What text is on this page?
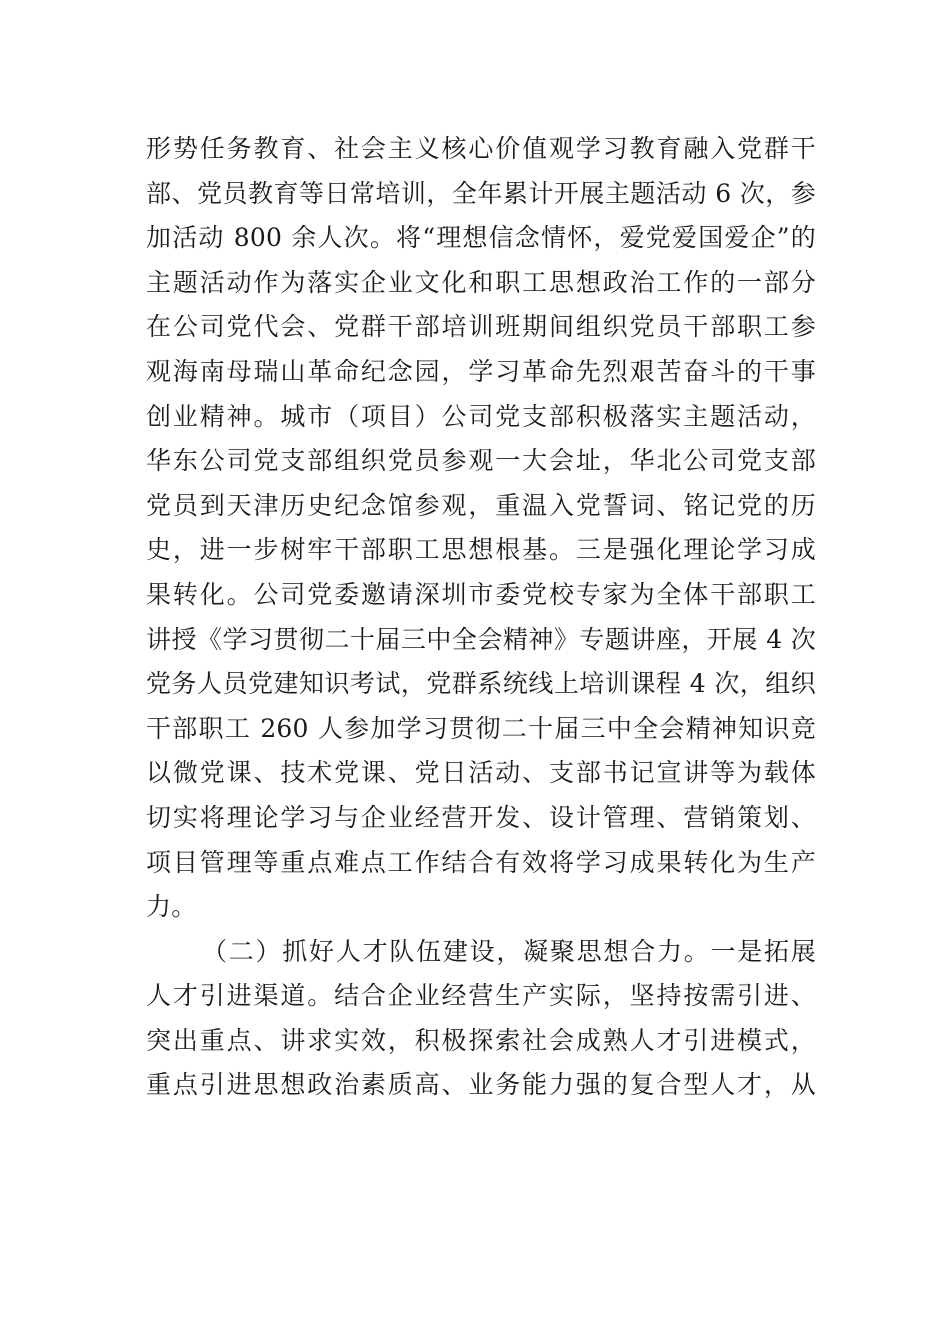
形势任务教育、社会主义核心价值观学习教育融入党群干
部、党员教育等日常培训，全年累计开展主题活动 6 次，参
加活动 800 余人次。将“理想信念情怀，爱党爱国爱企”的
主题活动作为落实企业文化和职工思想政治工作的一部分
在公司党代会、党群干部培训班期间组织党员干部职工参
观海南母瑞山革命纪念园，学习革命先烈艰苦奋斗的干事
创业精神。城市（项目）公司党支部积极落实主题活动，
华东公司党支部组织党员参观一大会址，华北公司党支部
党员到天津历史纪念馆参观，重温入党誓词、铭记党的历
史，进一步树牢干部职工思想根基。三是强化理论学习成
果转化。公司党委邀请深圳市委党校专家为全体干部职工
讲授《学习贯彻二十届三中全会精神》专题讲座，开展 4 次
党务人员党建知识考试，党群系统线上培训课程 4 次，组织
干部职工 260 人参加学习贯彻二十届三中全会精神知识竞
以微党课、技术党课、党日活动、支部书记宣讲等为载体
切实将理论学习与企业经营开发、设计管理、营销策划、
项目管理等重点难点工作结合有效将学习成果转化为生产
力。
（二）抓好人才队伍建设，凝聚思想合力。一是拓展
人才引进渠道。结合企业经营生产实际，坚持按需引进、
突出重点、讲求实效，积极探索社会成熟人才引进模式，
重点引进思想政治素质高、业务能力强的复合型人才，从
